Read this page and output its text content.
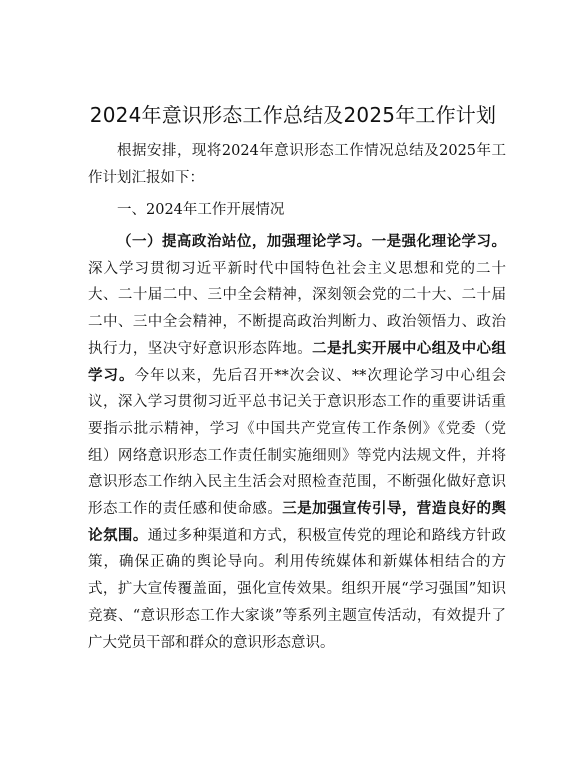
2024年意识形态工作总结及2025年工作计划
根据安排，现将2024年意识形态工作情况总结及2025年工作计划汇报如下：
一、2024年工作开展情况
（一）提高政治站位，加强理论学习。一是强化理论学习。深入学习贯彻习近平新时代中国特色社会主义思想和党的二十大、二十届二中、三中全会精神，深刻领会党的二十大、二十届二中、三中全会精神，不断提高政治判断力、政治领悟力、政治执行力，坚决守好意识形态阵地。二是扎实开展中心组及中心组学习。今年以来，先后召开**次会议、**次理论学习中心组会议，深入学习贯彻习近平总书记关于意识形态工作的重要讲话重要指示批示精神，学习《中国共产党宣传工作条例》《党委（党组）网络意识形态工作责任制实施细则》等党内法规文件，并将意识形态工作纳入民主生活会对照检查范围，不断强化做好意识形态工作的责任感和使命感。三是加强宣传引导，营造良好的舆论氛围。通过多种渠道和方式，积极宣传党的理论和路线方针政策，确保正确的舆论导向。利用传统媒体和新媒体相结合的方式，扩大宣传覆盖面，强化宣传效果。组织开展“学习强国”知识竞赛、“意识形态工作大家谈”等系列主题宣传活动，有效提升了广大党员干部和群众的意识形态意识。
